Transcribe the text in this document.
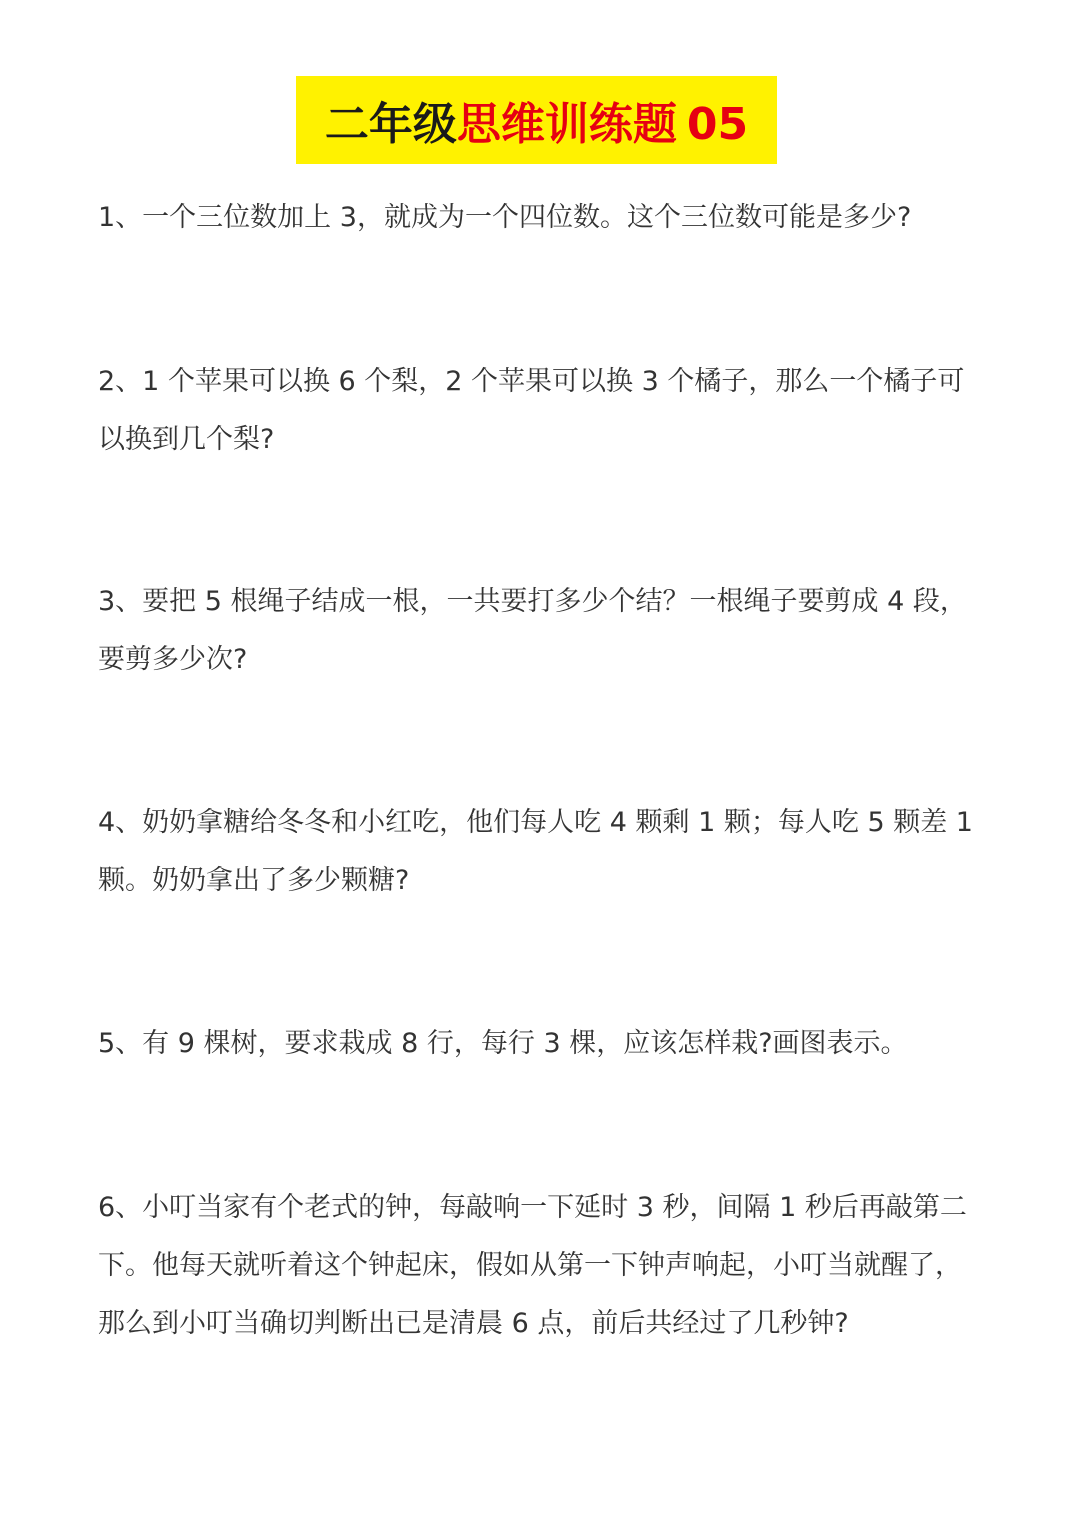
二年级思维训练题 05

1、一个三位数加上 3，就成为一个四位数。这个三位数可能是多少?

2、1 个苹果可以换 6 个梨，2 个苹果可以换 3 个橘子，那么一个橘子可以换到几个梨?

3、要把 5 根绳子结成一根，一共要打多少个结？一根绳子要剪成 4 段，要剪多少次?

4、奶奶拿糖给冬冬和小红吃，他们每人吃 4 颗剩 1 颗；每人吃 5 颗差 1 颗。奶奶拿出了多少颗糖?

5、有 9 棵树，要求栽成 8 行，每行 3 棵，应该怎样栽?画图表示。

6、小叮当家有个老式的钟，每敲响一下延时 3 秒，间隔 1 秒后再敲第二下。他每天就听着这个钟起床，假如从第一下钟声响起，小叮当就醒了，那么到小叮当确切判断出已是清晨 6 点，前后共经过了几秒钟?
